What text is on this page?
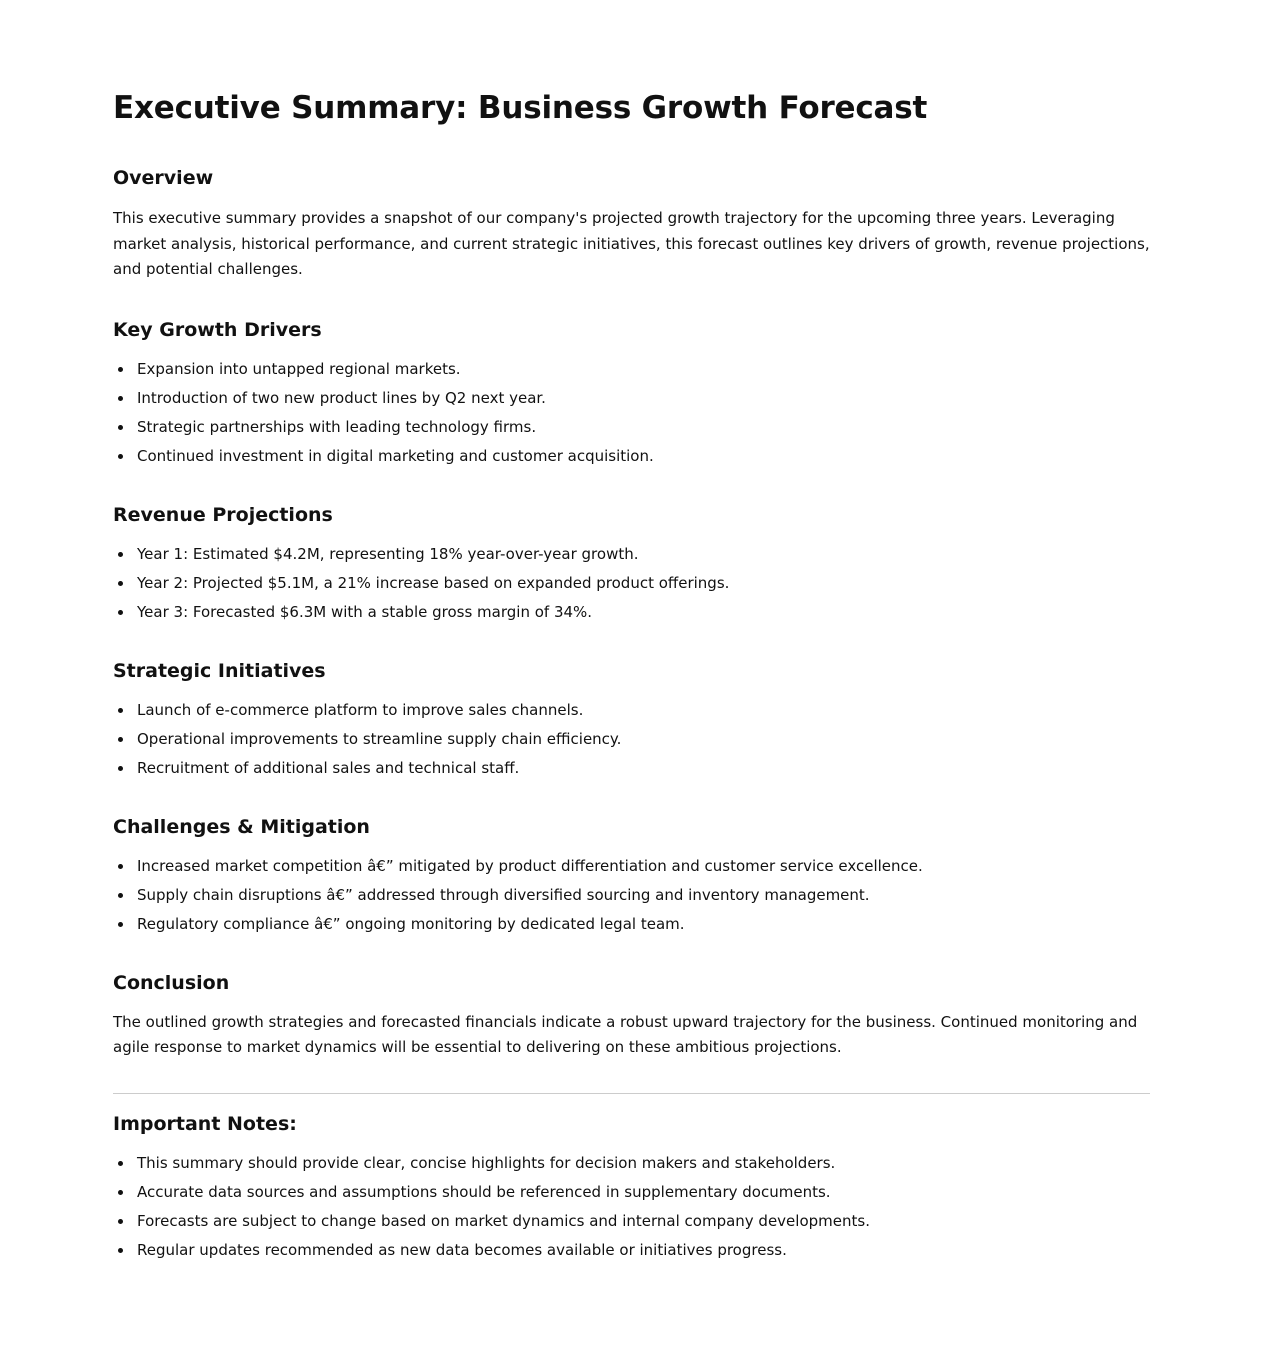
Executive Summary: Business Growth Forecast
Overview

This executive summary provides a snapshot of our company's projected growth trajectory for the upcoming three years. Leveraging market analysis, historical performance, and current strategic initiatives, this forecast outlines key drivers of growth, revenue projections, and potential challenges.

Key Growth Drivers
Expansion into untapped regional markets.
Introduction of two new product lines by Q2 next year.
Strategic partnerships with leading technology firms.
Continued investment in digital marketing and customer acquisition.
Revenue Projections
Year 1: Estimated $4.2M, representing 18% year-over-year growth.
Year 2: Projected $5.1M, a 21% increase based on expanded product offerings.
Year 3: Forecasted $6.3M with a stable gross margin of 34%.
Strategic Initiatives
Launch of e-commerce platform to improve sales channels.
Operational improvements to streamline supply chain efficiency.
Recruitment of additional sales and technical staff.
Challenges & Mitigation
Increased market competition â€” mitigated by product differentiation and customer service excellence.
Supply chain disruptions â€” addressed through diversified sourcing and inventory management.
Regulatory compliance â€” ongoing monitoring by dedicated legal team.
Conclusion

The outlined growth strategies and forecasted financials indicate a robust upward trajectory for the business. Continued monitoring and agile response to market dynamics will be essential to delivering on these ambitious projections.

Important Notes:
This summary should provide clear, concise highlights for decision makers and stakeholders.
Accurate data sources and assumptions should be referenced in supplementary documents.
Forecasts are subject to change based on market dynamics and internal company developments.
Regular updates recommended as new data becomes available or initiatives progress.
